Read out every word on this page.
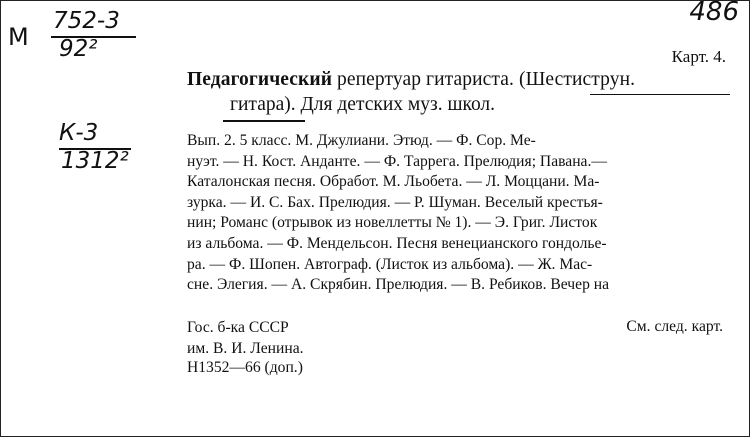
М
486
752-3
92²
К-3
1312²
Карт. 4.
Педагогический репертуар гитариста. (Шестиструн.
гитара). Для детских муз. школ.
Вып. 2. 5 класс. М. Джулиани. Этюд. — Ф. Сор. Ме-
нуэт. — Н. Кост. Анданте. — Ф. Таррега. Прелюдия; Павана.—
Каталонская песня. Обработ. М. Льобета. — Л. Моццани. Ма-
зурка. — И. С. Бах. Прелюдия. — Р. Шуман. Веселый крестья-
нин; Романс (отрывок из новеллетты № 1). — Э. Григ. Листок
из альбома. — Ф. Мендельсон. Песня венецианского гондолье-
ра. — Ф. Шопен. Автограф. (Листок из альбома). — Ж. Мас-
сне. Элегия. — А. Скрябин. Прелюдия. — В. Ребиков. Вечер на
Гос. б-ка СССР
им. В. И. Ленина.
См. след. карт.
Н1352—66 (доп.)
